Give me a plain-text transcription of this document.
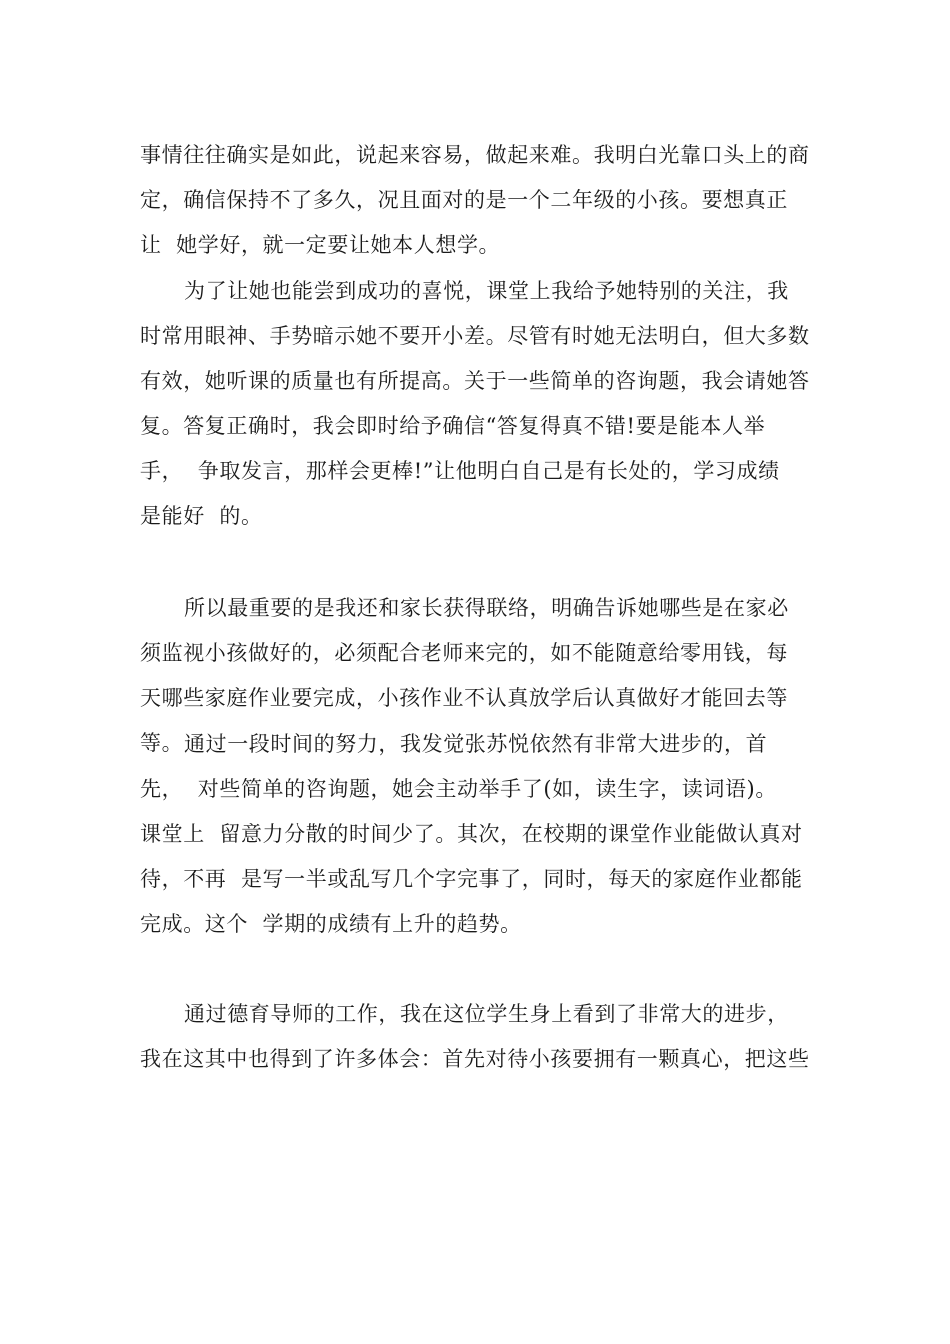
事情往往确实是如此，说起来容易，做起来难。我明白光靠口头上的商
定，确信保持不了多久，况且面对的是一个二年级的小孩。要想真正
让  她学好，就一定要让她本人想学。
为了让她也能尝到成功的喜悦，课堂上我给予她特别的关注，我
时常用眼神、手势暗示她不要开小差。尽管有时她无法明白，但大多数
有效，她听课的质量也有所提高。关于一些简单的咨询题，我会请她答
复。答复正确时，我会即时给予确信“答复得真不错!要是能本人举
手，  争取发言，那样会更棒!”让他明白自己是有长处的，学习成绩
是能好  的。
所以最重要的是我还和家长获得联络，明确告诉她哪些是在家必
须监视小孩做好的，必须配合老师来完的，如不能随意给零用钱，每
天哪些家庭作业要完成，小孩作业不认真放学后认真做好才能回去等
等。 通过一段时间的努力，我发觉张苏悦依然有非常大进步的，首
先，  对些简单的咨询题，她会主动举手了(如，读生字，读词语)。
课堂上  留意力分散的时间少了。其次，在校期的课堂作业能做认真对
待，不再  是写一半或乱写几个字完事了，同时，每天的家庭作业都能
完成。这个  学期的成绩有上升的趋势。
通过德育导师的工作，我在这位学生身上看到了非常大的进步，
我在这其中也得到了许多体会：首先对待小孩要拥有一颗真心，把这些
